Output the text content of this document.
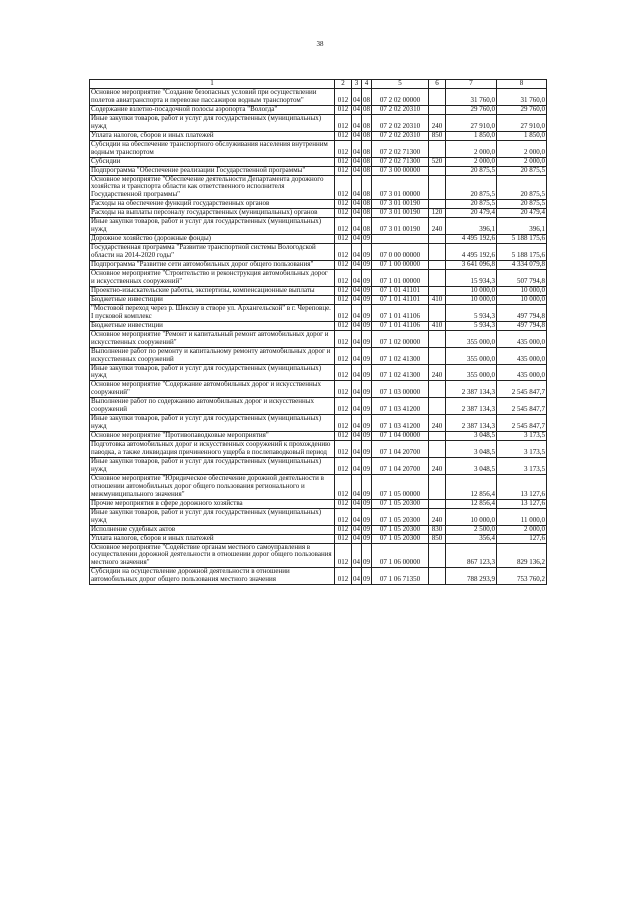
38
1	2	3	4	5	6	7	8
Основное мероприятие "Создание безопасных условий при осуществлении полетов авиатранспорта и перевозке пассажиров водным транспортом"	012	04	08	07 2 02 00000		31 760,0	31 760,0
Содержание взлетно-посадочной полосы аэропорта "Вологда"	012	04	08	07 2 02 20310		29 760,0	29 760,0
Иные закупки товаров, работ и услуг для государственных (муниципальных) нужд	012	04	08	07 2 02 20310	240	27 910,0	27 910,0
Уплата налогов, сборов и иных платежей	012	04	08	07 2 02 20310	850	1 850,0	1 850,0
Субсидии на обеспечение транспортного обслуживания населения внутренним водным транспортом	012	04	08	07 2 02 71300		2 000,0	2 000,0
Субсидии	012	04	08	07 2 02 71300	520	2 000,0	2 000,0
Подпрограмма "Обеспечение реализации Государственной программы"	012	04	08	07 3 00 00000		20 875,5	20 875,5
Основное мероприятие "Обеспечение деятельности Департамента дорожного хозяйства и транспорта области как ответственного исполнителя Государственной программы"	012	04	08	07 3 01 00000		20 875,5	20 875,5
Расходы на обеспечение функций государственных органов	012	04	08	07 3 01 00190		20 875,5	20 875,5
Расходы на выплаты персоналу государственных (муниципальных) органов	012	04	08	07 3 01 00190	120	20 479,4	20 479,4
Иные закупки товаров, работ и услуг для государственных (муниципальных) нужд	012	04	08	07 3 01 00190	240	396,1	396,1
Дорожное хозяйство (дорожные фонды)	012	04	09			4 495 192,6	5 188 175,6
Государственная программа "Развитие транспортной системы Вологодской области на 2014-2020 годы"	012	04	09	07 0 00 00000		4 495 192,6	5 188 175,6
Подпрограмма "Развитие сети автомобильных дорог общего пользования"	012	04	09	07 1 00 00000		3 641 096,8	4 334 079,8
Основное мероприятие "Строительство и реконструкция автомобильных дорог и искусственных сооружений"	012	04	09	07 1 01 00000		15 934,3	507 794,8
Проектно-изыскательские работы, экспертизы, компенсационные выплаты	012	04	09	07 1 01 41101		10 000,0	10 000,0
Бюджетные инвестиции	012	04	09	07 1 01 41101	410	10 000,0	10 000,0
"Мостовой переход через р. Шексну в створе ул. Архангельской" в г. Череповце. I пусковой комплекс	012	04	09	07 1 01 41106		5 934,3	497 794,8
Бюджетные инвестиции	012	04	09	07 1 01 41106	410	5 934,3	497 794,8
Основное мероприятие "Ремонт и капитальный ремонт автомобильных дорог и искусственных сооружений"	012	04	09	07 1 02 00000		355 000,0	435 000,0
Выполнение работ по ремонту и капитальному ремонту автомобильных дорог и искусственных сооружений	012	04	09	07 1 02 41300		355 000,0	435 000,0
Иные закупки товаров, работ и услуг для государственных (муниципальных) нужд	012	04	09	07 1 02 41300	240	355 000,0	435 000,0
Основное мероприятие "Содержание автомобильных дорог и искусственных сооружений"	012	04	09	07 1 03 00000		2 387 134,3	2 545 847,7
Выполнение работ по содержанию автомобильных дорог и искусственных сооружений	012	04	09	07 1 03 41200		2 387 134,3	2 545 847,7
Иные закупки товаров, работ и услуг для государственных (муниципальных) нужд	012	04	09	07 1 03 41200	240	2 387 134,3	2 545 847,7
Основное мероприятие "Противопаводковые мероприятия"	012	04	09	07 1 04 00000		3 048,5	3 173,5
Подготовка автомобильных дорог и искусственных сооружений к прохождению паводка, а также ликвидация причиненного ущерба в послепаводковый период	012	04	09	07 1 04 20700		3 048,5	3 173,5
Иные закупки товаров, работ и услуг для государственных (муниципальных) нужд	012	04	09	07 1 04 20700	240	3 048,5	3 173,5
Основное мероприятие "Юридическое обеспечение дорожной деятельности в отношении автомобильных дорог общего пользования регионального и межмуниципального значения"	012	04	09	07 1 05 00000		12 856,4	13 127,6
Прочие мероприятия в сфере дорожного хозяйства	012	04	09	07 1 05 20300		12 856,4	13 127,6
Иные закупки товаров, работ и услуг для государственных (муниципальных) нужд	012	04	09	07 1 05 20300	240	10 000,0	11 000,0
Исполнение судебных актов	012	04	09	07 1 05 20300	830	2 500,0	2 000,0
Уплата налогов, сборов и иных платежей	012	04	09	07 1 05 20300	850	356,4	127,6
Основное мероприятие "Содействие органам местного самоуправления в осуществлении дорожной деятельности в отношении дорог общего пользования местного значения"	012	04	09	07 1 06 00000		867 123,3	829 136,2
Субсидии на осуществление дорожной деятельности в отношении автомобильных дорог общего пользования местного значения	012	04	09	07 1 06 71350		788 293,9	753 760,2
